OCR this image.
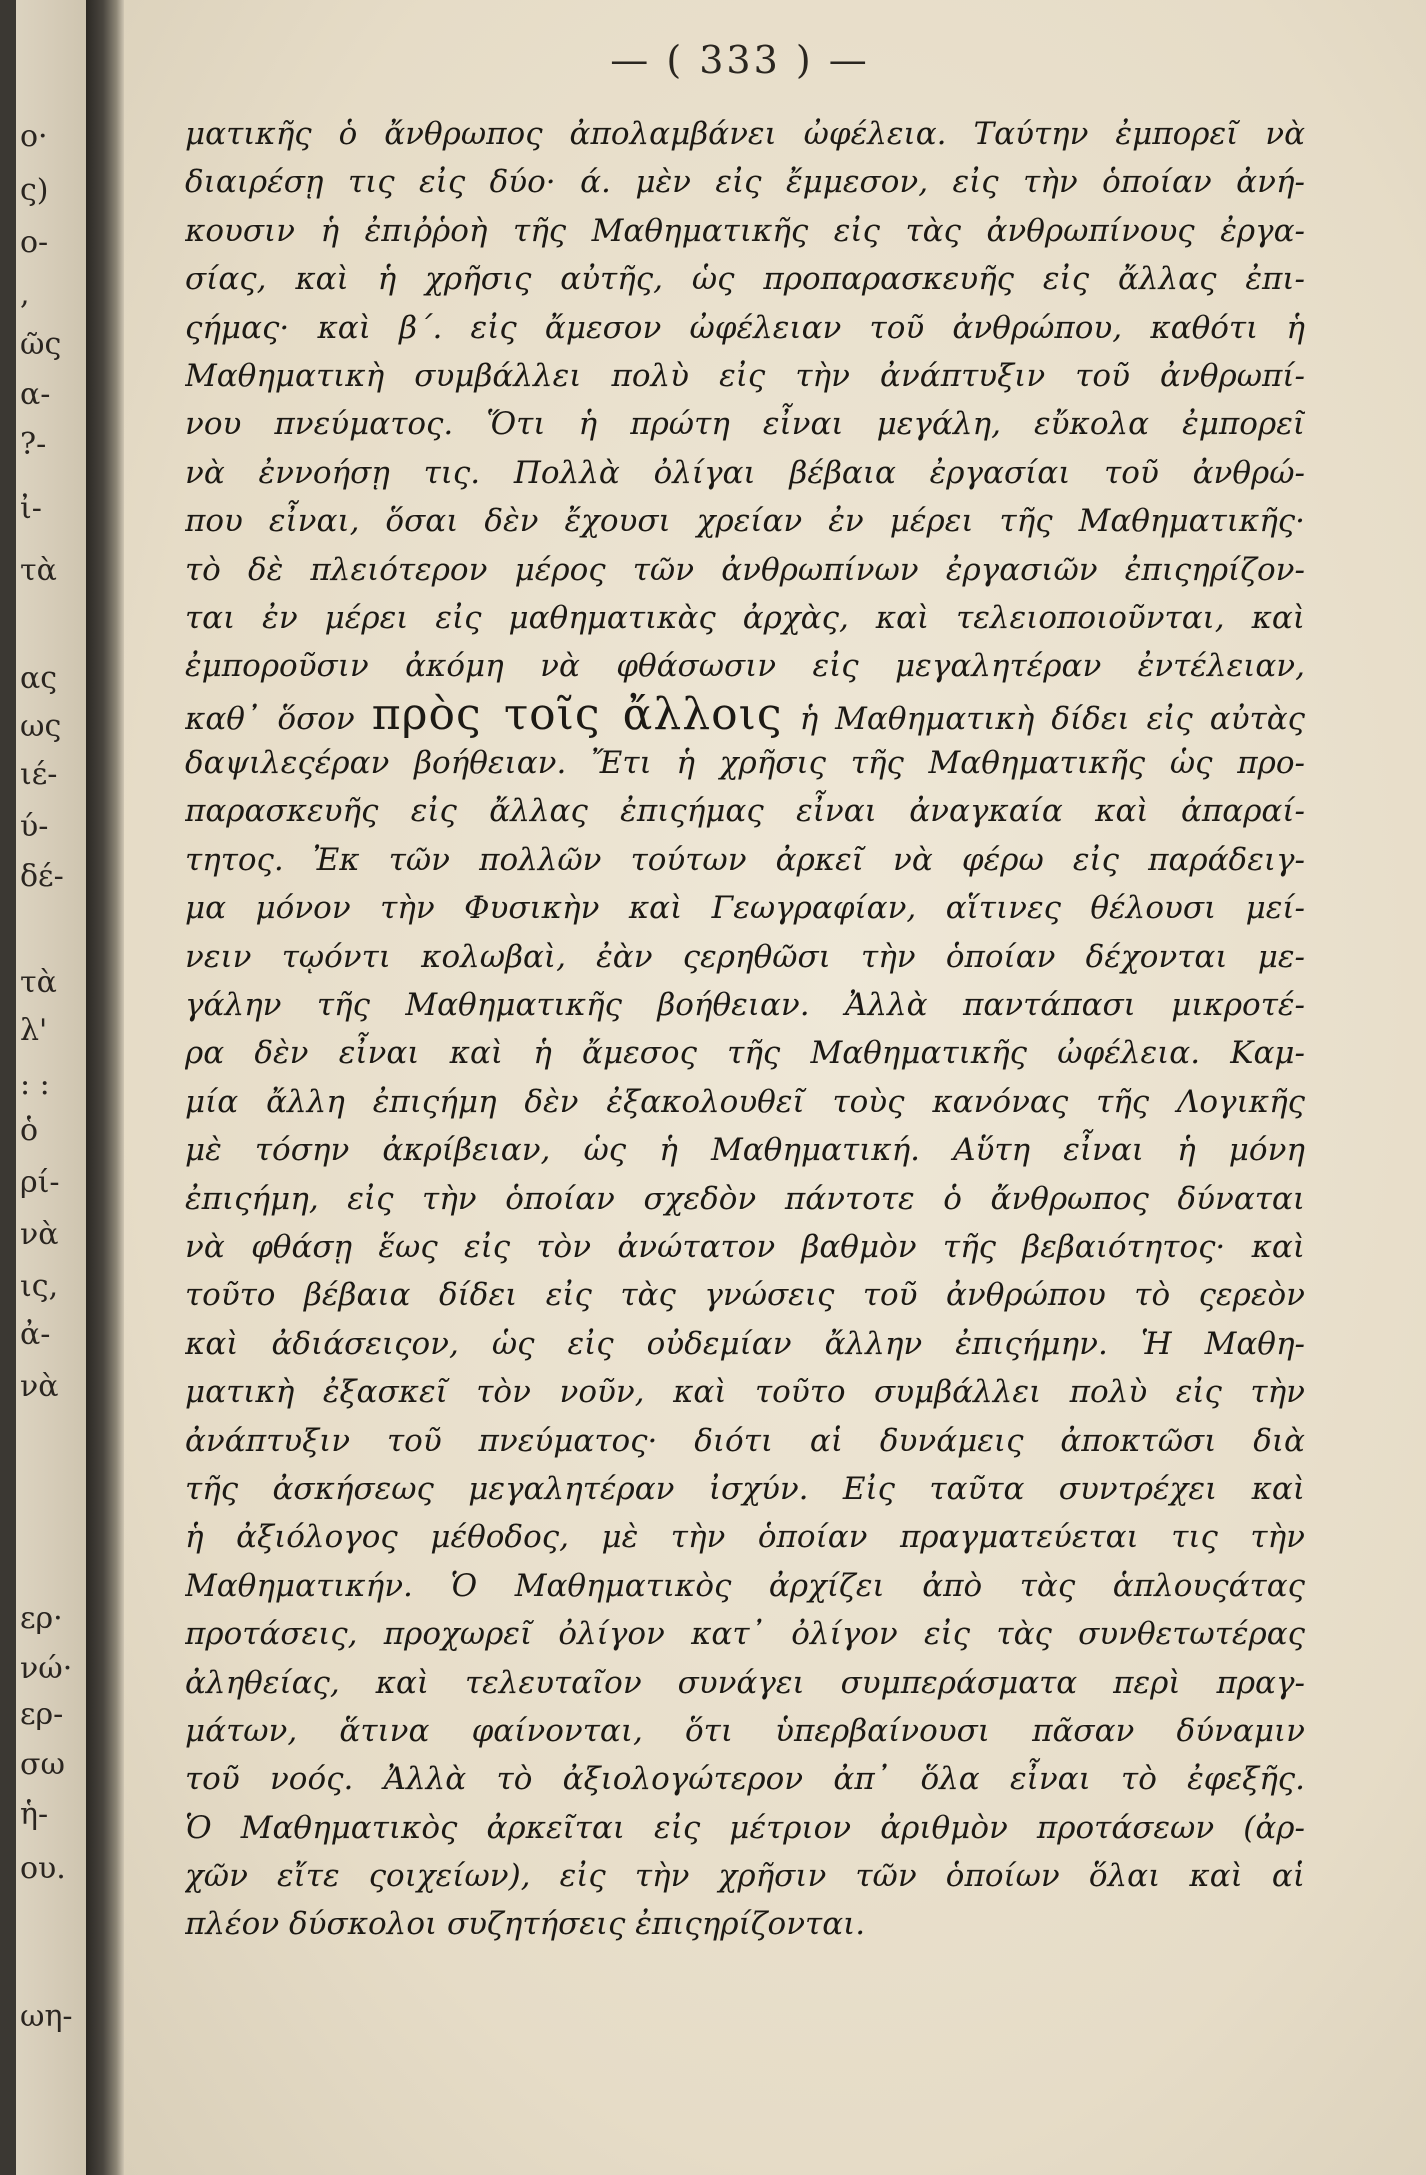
ο·
ς)
ο-
,
ῶς
α-
?-
ἰ-
τὰ
ας
ως
ιέ-
ύ-
δέ-
τὰ
λ'
: :
ὁ
ρί-
νὰ
ις,
ἀ-
νὰ
ερ·
νώ·
ερ-
σω
ἡ-
ου.
ωη-
— ( 333 ) —
ματικῆς ὁ ἄνθρωπος ἀπολαμβάνει ὠφέλεια. Ταύτην ἐμπορεῖ νὰ
διαιρέσῃ τις εἰς δύο· ά. μὲν εἰς ἔμμεσον, εἰς τὴν ὁποίαν ἀνή-
κουσιν ἡ ἐπιῤῥοὴ τῆς Μαθηματικῆς εἰς τὰς ἀνθρωπίνους ἐργα-
σίας, καὶ ἡ χρῆσις αὐτῆς, ὡς προπαρασκευῆς εἰς ἄλλας ἐπι-
ςήμας· καὶ β΄. εἰς ἄμεσον ὠφέλειαν τοῦ ἀνθρώπου, καθότι ἡ
Μαθηματικὴ συμβάλλει πολὺ εἰς τὴν ἀνάπτυξιν τοῦ ἀνθρωπί-
νου πνεύματος. Ὅτι ἡ πρώτη εἶναι μεγάλη, εὔκολα ἐμπορεῖ
νὰ ἐννοήσῃ τις. Πολλὰ ὀλίγαι βέβαια ἐργασίαι τοῦ ἀνθρώ-
που εἶναι, ὅσαι δὲν ἔχουσι χρείαν ἐν μέρει τῆς Μαθηματικῆς·
τὸ δὲ πλειότερον μέρος τῶν ἀνθρωπίνων ἐργασιῶν ἐπιςηρίζον-
ται ἐν μέρει εἰς μαθηματικὰς ἀρχὰς, καὶ τελειοποιοῦνται, καὶ
ἐμποροῦσιν ἀκόμη νὰ φθάσωσιν εἰς μεγαλητέραν ἐντέλειαν,
καθ᾽ ὅσον πρὸς τοῖς ἄλλοις ἡ Μαθηματικὴ δίδει εἰς αὐτὰς
δαψιλεςέραν βοήθειαν. Ἔτι ἡ χρῆσις τῆς Μαθηματικῆς ὡς προ-
παρασκευῆς εἰς ἄλλας ἐπιςήμας εἶναι ἀναγκαία καὶ ἀπαραί-
τητος. Ἐκ τῶν πολλῶν τούτων ἀρκεῖ νὰ φέρω εἰς παράδειγ-
μα μόνον τὴν Φυσικὴν καὶ Γεωγραφίαν, αἵτινες θέλουσι μεί-
νειν τῳόντι κολωβαὶ, ἐὰν ςερηθῶσι τὴν ὁποίαν δέχονται με-
γάλην τῆς Μαθηματικῆς βοήθειαν. Ἀλλὰ παντάπασι μικροτέ-
ρα δὲν εἶναι καὶ ἡ ἄμεσος τῆς Μαθηματικῆς ὠφέλεια. Καμ-
μία ἄλλη ἐπιςήμη δὲν ἐξακολουθεῖ τοὺς κανόνας τῆς Λογικῆς
μὲ τόσην ἀκρίβειαν, ὡς ἡ Μαθηματική. Αὕτη εἶναι ἡ μόνη
ἐπιςήμη, εἰς τὴν ὁποίαν σχεδὸν πάντοτε ὁ ἄνθρωπος δύναται
νὰ φθάσῃ ἕως εἰς τὸν ἀνώτατον βαθμὸν τῆς βεβαιότητος· καὶ
τοῦτο βέβαια δίδει εἰς τὰς γνώσεις τοῦ ἀνθρώπου τὸ ςερεὸν
καὶ ἀδιάσειςον, ὡς εἰς οὐδεμίαν ἄλλην ἐπιςήμην. Ἡ Μαθη-
ματικὴ ἐξασκεῖ τὸν νοῦν, καὶ τοῦτο συμβάλλει πολὺ εἰς τὴν
ἀνάπτυξιν τοῦ πνεύματος· διότι αἱ δυνάμεις ἀποκτῶσι διὰ
τῆς ἀσκήσεως μεγαλητέραν ἰσχύν. Εἰς ταῦτα συντρέχει καὶ
ἡ ἀξιόλογος μέθοδος, μὲ τὴν ὁποίαν πραγματεύεται τις τὴν
Μαθηματικήν. Ὁ Μαθηματικὸς ἀρχίζει ἀπὸ τὰς ἁπλουςάτας
προτάσεις, προχωρεῖ ὀλίγον κατ᾽ ὀλίγον εἰς τὰς συνθετωτέρας
ἀληθείας, καὶ τελευταῖον συνάγει συμπεράσματα περὶ πραγ-
μάτων, ἅτινα φαίνονται, ὅτι ὑπερβαίνουσι πᾶσαν δύναμιν
τοῦ νοός. Ἀλλὰ τὸ ἀξιολογώτερον ἀπ᾽ ὅλα εἶναι τὸ ἐφεξῆς.
Ὁ Μαθηματικὸς ἀρκεῖται εἰς μέτριον ἀριθμὸν προτάσεων (ἀρ-
χῶν εἴτε ςοιχείων), εἰς τὴν χρῆσιν τῶν ὁποίων ὅλαι καὶ αἱ
πλέον δύσκολοι συζητήσεις ἐπιςηρίζονται.
